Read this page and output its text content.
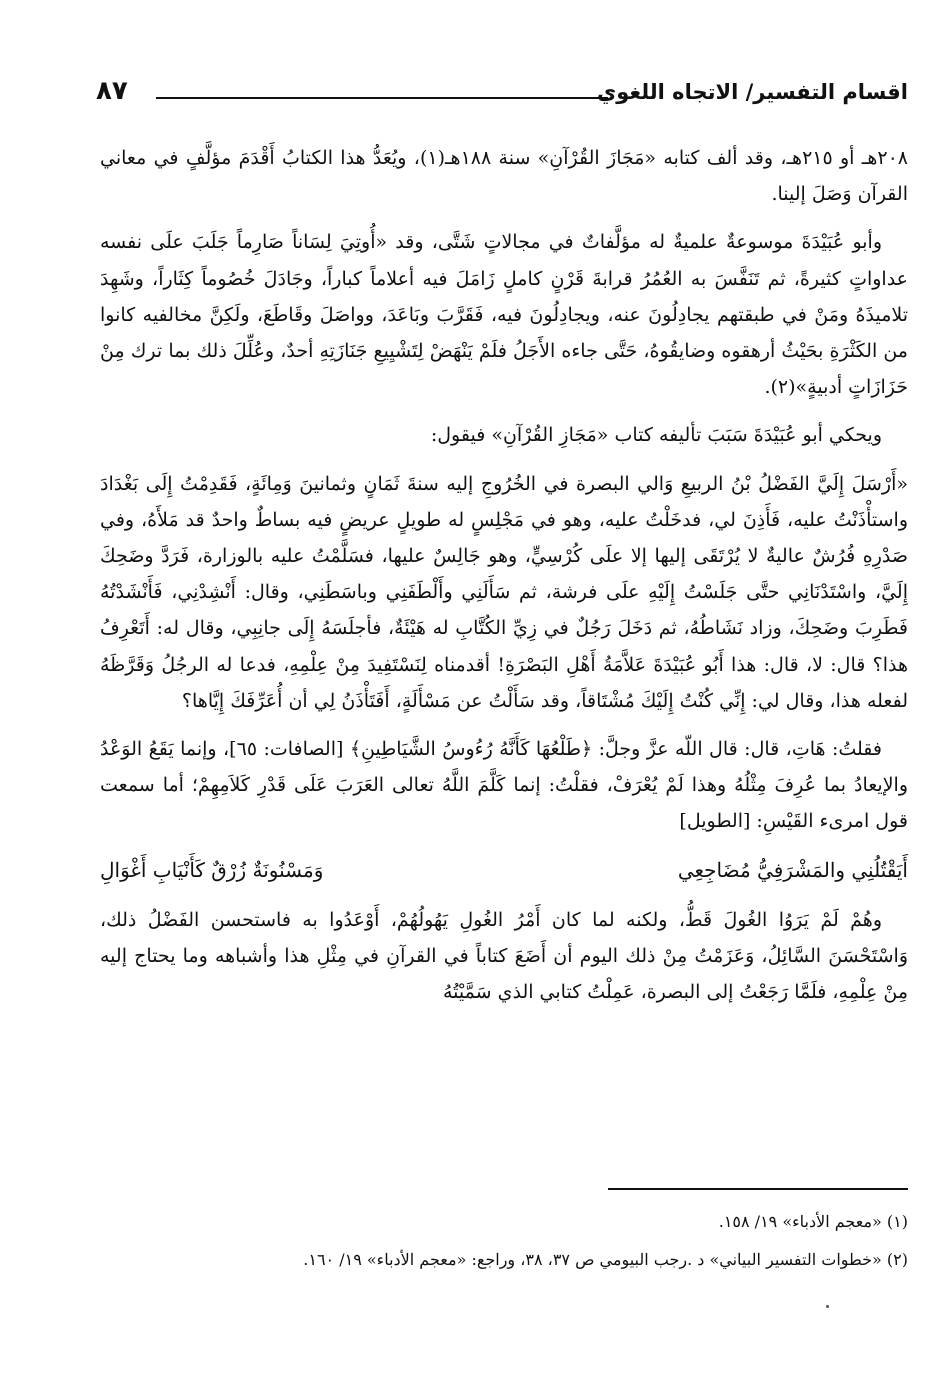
اقسام التفسير/ الاتجاه اللغوي
٨٧

٢٠٨هـ أو ٢١٥هـ، وقد ألف كتابه «مَجَازَ القُرْآنِ» سنة ١٨٨هـ(١)، ويُعَدُّ هذا الكتابُ أَقْدَمَ مؤلَّفٍ في معاني القرآن وَصَلَ إلينا.

وأبو عُبَيْدَةَ موسوعةٌ علميةٌ له مؤلَّفاتٌ في مجالاتٍ شَتَّى، وقد «أُوتِيَ لِسَاناً صَارِماً جَلَبَ علَى نفسه عداواتٍ كثيرةً، ثم تَنَفَّسَ به العُمُرُ قرابةَ قَرْنٍ كاملٍ زَامَلَ فيه أعلاماً كباراً، وجَادَلَ خُصُوماً كِثَاراً، وشَهِدَ تلاميذَهُ ومَنْ في طبقتهم يجادِلُونَ عنه، ويجادِلُونَ فيه، فَقَرَّبَ وبَاعَدَ، وواصَلَ وقَاطَعَ، ولَكِنَّ مخالفيه كانوا من الكَثْرَةِ بحَيْثُ أرهقوه وضايقُوهُ، حَتَّى جاءه الأَجَلُ فلَمْ يَنْهَضْ لِتَشْيِيعِ جَنَازَتِهِ أحدٌ، وعُلِّلَ ذلك بما ترك مِنْ حَزَازَاتٍ أدبيةٍ»(٢).

ويحكي أبو عُبَيْدَةَ سَبَبَ تأليفه كتاب «مَجَازِ القُرْآنِ» فيقول:

«أَرْسَلَ إِلَيَّ الفَضْلُ بْنُ الربيعِ وَالي البصرة في الخُرُوجِ إليه سنةَ ثَمَانٍ وثمانينَ وَمِائَةٍ، فَقَدِمْتُ إِلَى بَغْدَادَ واستأْذَنْتُ عليه، فَأَذِنَ لي، فدخَلْتُ عليه، وهو في مَجْلِسٍ له طويلٍ عريضٍ فيه بساطٌ واحدٌ قد مَلأَهُ، وفي صَدْرِهِ فُرُشٌ عاليةٌ لا يُرْتَقَى إليها إلا علَى كُرْسِيٍّ، وهو جَالِسٌ عليها، فسَلَّمْتُ عليه بالوزارة، فَرَدَّ وضَحِكَ إِلَيَّ، واسْتَدْنَانِي حتَّى جَلَسْتُ إِلَيْهِ علَى فرشة، ثم سَأَلَنِي وأَلْطَفَنِي وباسَطَنِي، وقال: أَنْشِدْنِي، فَأَنْشَدْتُهُ فَطَرِبَ وضَحِكَ، وزاد نَشَاطُهُ، ثم دَخَلَ رَجُلٌ في زِيِّ الكُتَّابِ له هَيْئَةٌ، فأجلَسَهُ إِلَى جانِبِي، وقال له: أَتَعْرِفُ هذا؟ قال: لا، قال: هذا أَبُو عُبَيْدَةَ عَلاَّمَةُ أَهْلِ البَصْرَةِ! أقدمناه لِنَسْتَفِيدَ مِنْ عِلْمِهِ، فدعا له الرجُلُ وَقَرَّظَهُ لفعله هذا، وقال لي: إِنِّي كُنْتُ إِلَيْكَ مُشْتَاقاً، وقد سَأَلْتُ عن مَسْأَلَةٍ، أَفَتَأْذَنُ لِي أن أُعَرِّفَكَ إِيَّاها؟

فقلتُ: هَاتِ، قال: قال اللّه عزَّ وجلَّ: ﴿طَلْعُهَا كَأَنَّهُ رُءُوسُ الشَّيَاطِينِ﴾ [الصافات: ٦٥]، وإنما يَقَعُ الوَعْدُ والإيعادُ بما عُرِفَ مِثْلُهُ وهذا لَمْ يُعْرَفْ، فقلْتُ: إنما كَلَّمَ اللَّهُ تعالى العَرَبَ عَلَى قَدْرِ كَلاَمِهِمْ؛ أما سمعت قول امرىء القَيْسِ: [الطويل]

أَيَقْتُلُنِي والمَشْرَفِيُّ مُضَاجِعِي
وَمَسْنُونَةٌ زُرْقٌ كَأَنْيَابِ أَغْوَالِ

وهُمْ لَمْ يَرَوُا الغُولَ قَطُّ، ولكنه لما كان أَمْرُ الغُولِ يَهُولُهُمْ، أَوْعَدُوا به فاستحسن الفَضْلُ ذلك، وَاسْتَحْسَنَ السَّائِلُ، وَعَزَمْتُ مِنْ ذلك اليوم أن أَضَعَ كتاباً في القرآنِ في مِثْلِ هذا وأشباهه وما يحتاج إليه مِنْ عِلْمِهِ، فلَمَّا رَجَعْتُ إلى البصرة، عَمِلْتُ كتابي الذي سَمَّيْتُهُ

(١) «معجم الأدباء» ١٩/ ١٥٨.

(٢) «خطوات التفسير البياني» د .رجب البيومي ص ٣٧، ٣٨، وراجع: «معجم الأدباء» ١٩/ ١٦٠.
